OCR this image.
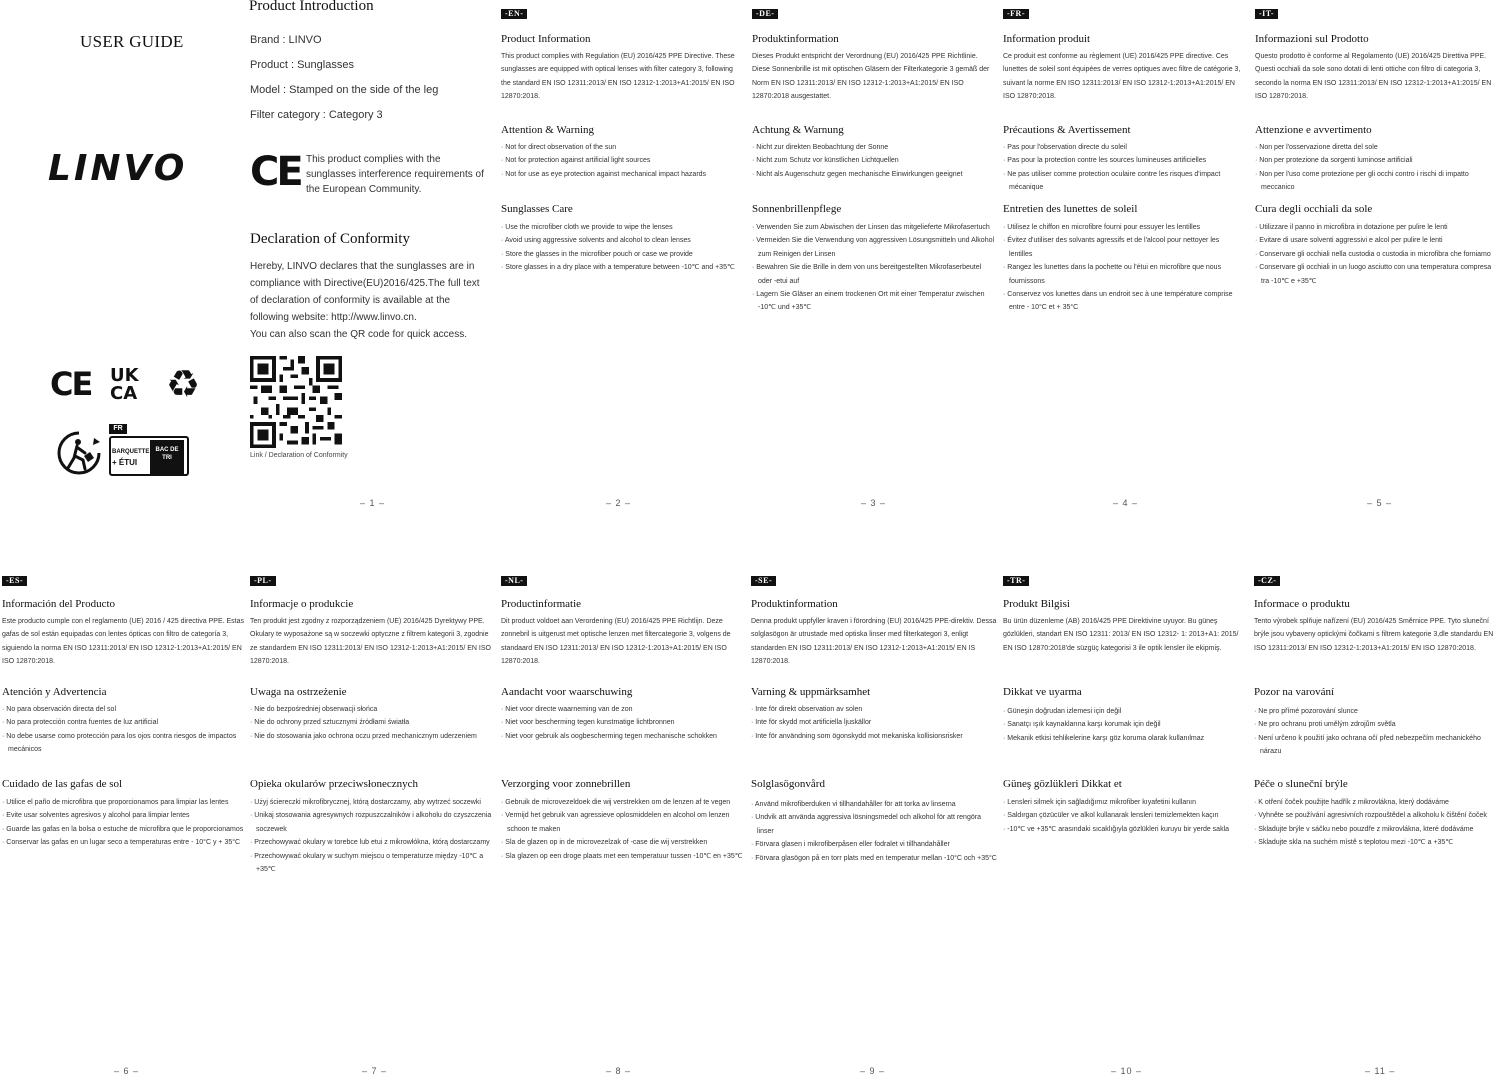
USER GUIDE
LINVO
CE UK
CA ♻
FR
BARQUETTE
+ ÉTUI
BAC DE TRI
Product Introduction
Brand : LINVO
Product : Sunglasses
Model : Stamped on the side of the leg
Filter category : Category 3
CE This product complies with the sunglasses interference requirements of the European Community.
Declaration of Conformity
Hereby, LINVO declares that the sunglasses are in compliance with Directive(EU)2016/425.The full text of declaration of conformity is available at the following website: http://www.linvo.cn.
You can also scan the QR code for quick access.
Link / Declaration of Conformity
-EN-
Product Information
This product complies with Regulation (EU) 2016/425 PPE Directive. These sunglasses are equipped with optical lenses with filter category 3, following the standard EN ISO 12311:2013/ EN ISO 12312-1:2013+A1:2015/ EN ISO 12870:2018.
Attention & Warning
· Not for direct observation of the sun
· Not for protection against artificial light sources
· Not for use as eye protection against mechanical impact hazards
Sunglasses Care
· Use the microfiber cloth we provide to wipe the lenses
· Avoid using aggressive solvents and alcohol to clean lenses
· Store the glasses in the microfiber pouch or case we provide
· Store glasses in a dry place with a temperature between -10℃ and +35℃
-DE-
Produktinformation
Dieses Produkt entspricht der Verordnung (EU) 2016/425 PPE Richtlinie. Diese Sonnenbrille ist mit optischen Gläsern der Filterkategorie 3 gemäß der Norm EN ISO 12311:2013/ EN ISO 12312-1:2013+A1:2015/ EN ISO 12870:2018 ausgestattet.
Achtung & Warnung
· Nicht zur direkten Beobachtung der Sonne
· Nicht zum Schutz vor künstlichen Lichtquellen
· Nicht als Augenschutz gegen mechanische Einwirkungen geeignet
Sonnenbrillenpflege
· Verwenden Sie zum Abwischen der Linsen das mitgelieferte Mikrofasertuch
· Vermeiden Sie die Verwendung von aggressiven Lösungsmitteln und Alkohol zum Reinigen der Linsen
· Bewahren Sie die Brille in dem von uns bereitgestellten Mikrofaserbeutel oder -etui auf
· Lagern Sie Gläser an einem trockenen Ort mit einer Temperatur zwischen -10℃ und +35℃
-FR-
Information produit
Ce produit est conforme au règlement (UE) 2016/425 PPE directive. Ces lunettes de soleil sont équipées de verres optiques avec filtre de catégorie 3, suivant la norme EN ISO 12311:2013/ EN ISO 12312-1:2013+A1:2015/ EN ISO 12870:2018.
Précautions & Avertissement
· Pas pour l'observation directe du soleil
· Pas pour la protection contre les sources lumineuses artificielles
· Ne pas utiliser comme protection oculaire contre les risques d'impact mécanique
Entretien des lunettes de soleil
· Utilisez le chiffon en microfibre fourni pour essuyer les lentilles
· Évitez d'utiliser des solvants agressifs et de l'alcool pour nettoyer les lentilles
· Rangez les lunettes dans la pochette ou l'étui en microfibre que nous fournissons
· Conservez vos lunettes dans un endroit sec à une température comprise entre - 10°C et + 35°C
-IT-
Informazioni sul Prodotto
Questo prodotto è conforme al Regolamento (UE) 2016/425 Direttiva PPE. Questi occhiali da sole sono dotati di lenti ottiche con filtro di categoria 3, secondo la norma EN ISO 12311:2013/ EN ISO 12312-1:2013+A1:2015/ EN ISO 12870:2018.
Attenzione e avvertimento
· Non per l'osservazione diretta del sole
· Non per protezione da sorgenti luminose artificiali
· Non per l'uso come protezione per gli occhi contro i rischi di impatto meccanico
Cura degli occhiali da sole
· Utilizzare il panno in microfibra in dotazione per pulire le lenti
· Evitare di usare solventi aggressivi e alcol per pulire le lenti
· Conservare gli occhiali nella custodia o custodia in microfibra che forniamo
· Conservare gli occhiali in un luogo asciutto con una temperatura compresa tra -10℃ e +35℃
-ES-
Información del Producto
Este producto cumple con el reglamento (UE) 2016 / 425 directiva PPE. Estas gafas de sol están equipadas con lentes ópticas con filtro de categoría 3, siguiendo la norma EN ISO 12311:2013/ EN ISO 12312-1:2013+A1:2015/ EN ISO 12870:2018.
Atención y Advertencia
· No para observación directa del sol
· No para protección contra fuentes de luz artificial
· No debe usarse como protección para los ojos contra riesgos de impactos mecánicos
Cuidado de las gafas de sol
· Utilice el paño de microfibra que proporcionamos para limpiar las lentes
· Evite usar solventes agresivos y alcohol para limpiar lentes
· Guarde las gafas en la bolsa o estuche de microfibra que le proporcionamos
· Conservar las gafas en un lugar seco a temperaturas entre - 10°C y + 35°C
-PL-
Informacje o produkcie
Ten produkt jest zgodny z rozporządzeniem (UE) 2016/425 Dyrektywy PPE. Okulary te wyposażone są w soczewki optyczne z filtrem kategorii 3, zgodnie ze standardem EN ISO 12311:2013/ EN ISO 12312-1:2013+A1:2015/ EN ISO 12870:2018.
Uwaga na ostrzeżenie
· Nie do bezpośredniej obserwacji słońca
· Nie do ochrony przed sztucznymi źródłami światła
· Nie do stosowania jako ochrona oczu przed mechanicznym uderzeniem
Opieka okularów przeciwsłonecznych
· Użyj ściereczki mikrofibrycznej, którą dostarczamy, aby wytrzeć soczewki
· Unikaj stosowania agresywnych rozpuszczalników i alkoholu do czyszczenia soczewek
· Przechowywać okulary w torebce lub etui z mikrowłókna, którą dostarczamy
· Przechowywać okulary w suchym miejscu o temperaturze między -10℃ a +35℃
-NL-
Productinformatie
Dit product voldoet aan Verordening (EU) 2016/425 PPE Richtlijn. Deze zonnebril is uitgerust met optische lenzen met filtercategorie 3, volgens de standaard EN ISO 12311:2013/ EN ISO 12312-1:2013+A1:2015/ EN ISO 12870:2018.
Aandacht voor waarschuwing
· Niet voor directe waarneming van de zon
· Niet voor bescherming tegen kunstmatige lichtbronnen
· Niet voor gebruik als oogbescherming tegen mechanische schokken
Verzorging voor zonnebrillen
· Gebruik de microvezeldoek die wij verstrekken om de lenzen af te vegen
· Vermijd het gebruik van agressieve oplosmiddelen en alcohol om lenzen schoon te maken
· Sla de glazen op in de microvezelzak of -case die wij verstrekken
· Sla glazen op een droge plaats met een temperatuur tussen -10℃ en +35℃
-SE-
Produktinformation
Denna produkt uppfyller kraven i förordning (EU) 2016/425 PPE-direktiv. Dessa solglasögon är utrustade med optiska linser med filterkategori 3, enligt standarden EN ISO 12311:2013/ EN ISO 12312-1:2013+A1:2015/ EN IS 12870:2018.
Varning & uppmärksamhet
· Inte för direkt observation av solen
· Inte för skydd mot artificiella ljuskällor
· Inte för användning som ögonskydd mot mekaniska kollisionsrisker
Solglasögonvård
· Använd mikrofiberduken vi tillhandahåller för att torka av linserna
· Undvik att använda aggressiva lösningsmedel och alkohol för att rengöra linser
· Förvara glasen i mikrofiberpåsen eller fodralet vi tillhandahåller
· Förvara glasögon på en torr plats med en temperatur mellan -10°C och +35°C
-TR-
Produkt Bilgisi
Bu ürün düzenleme (AB) 2016/425 PPE Direktivine uyuyor. Bu güneş gözlükleri, standart EN ISO 12311: 2013/ EN ISO 12312- 1: 2013+A1: 2015/ EN ISO 12870:2018'de süzgüç kategorisi 3 ile optik lensler ile ekipmiş.
Dikkat ve uyarma
· Güneşin doğrudan izlemesi için değil
· Sanatçı ışık kaynaklarına karşı korumak için değil
· Mekanik etkisi tehlikelerine karşı göz koruma olarak kullanılmaz
Güneş gözlükleri Dikkat et
· Lensleri silmek için sağladığımız mikrofiber kıyafetini kullanın
· Saldırgan çözücüler ve alkol kullanarak lensleri temizlemekten kaçın
· -10℃ ve +35℃ arasındaki sıcaklığıyla gözlükleri kuruyu bir yerde sakla
-CZ-
Informace o produktu
Tento výrobek splňuje nařízení (EU) 2016/425 Směrnice PPE. Tyto sluneční brýle jsou vybaveny optickými čočkami s filtrem kategorie 3,dle standardu EN ISO 12311:2013/ EN ISO 12312-1:2013+A1:2015/ EN ISO 12870:2018.
Pozor na varování
· Ne pro přímé pozorování slunce
· Ne pro ochranu proti umělým zdrojům světla
· Není určeno k použití jako ochrana očí před nebezpečím mechanického nárazu
Péče o sluneční brýle
· K otření čoček použijte hadřík z mikrovlákna, který dodáváme
· Vyhněte se používání agresivních rozpouštědel a alkoholu k čištění čoček
· Skladujte brýle v sáčku nebo pouzdře z mikrovlákna, které dodáváme
· Skladujte skla na suchém místě s teplotou mezi -10℃ a +35℃
– 1 –	– 2 –	– 3 –	– 4 –	– 5 –
– 6 –	– 7 –	– 8 –	– 9 –	– 10 –	– 11 –
